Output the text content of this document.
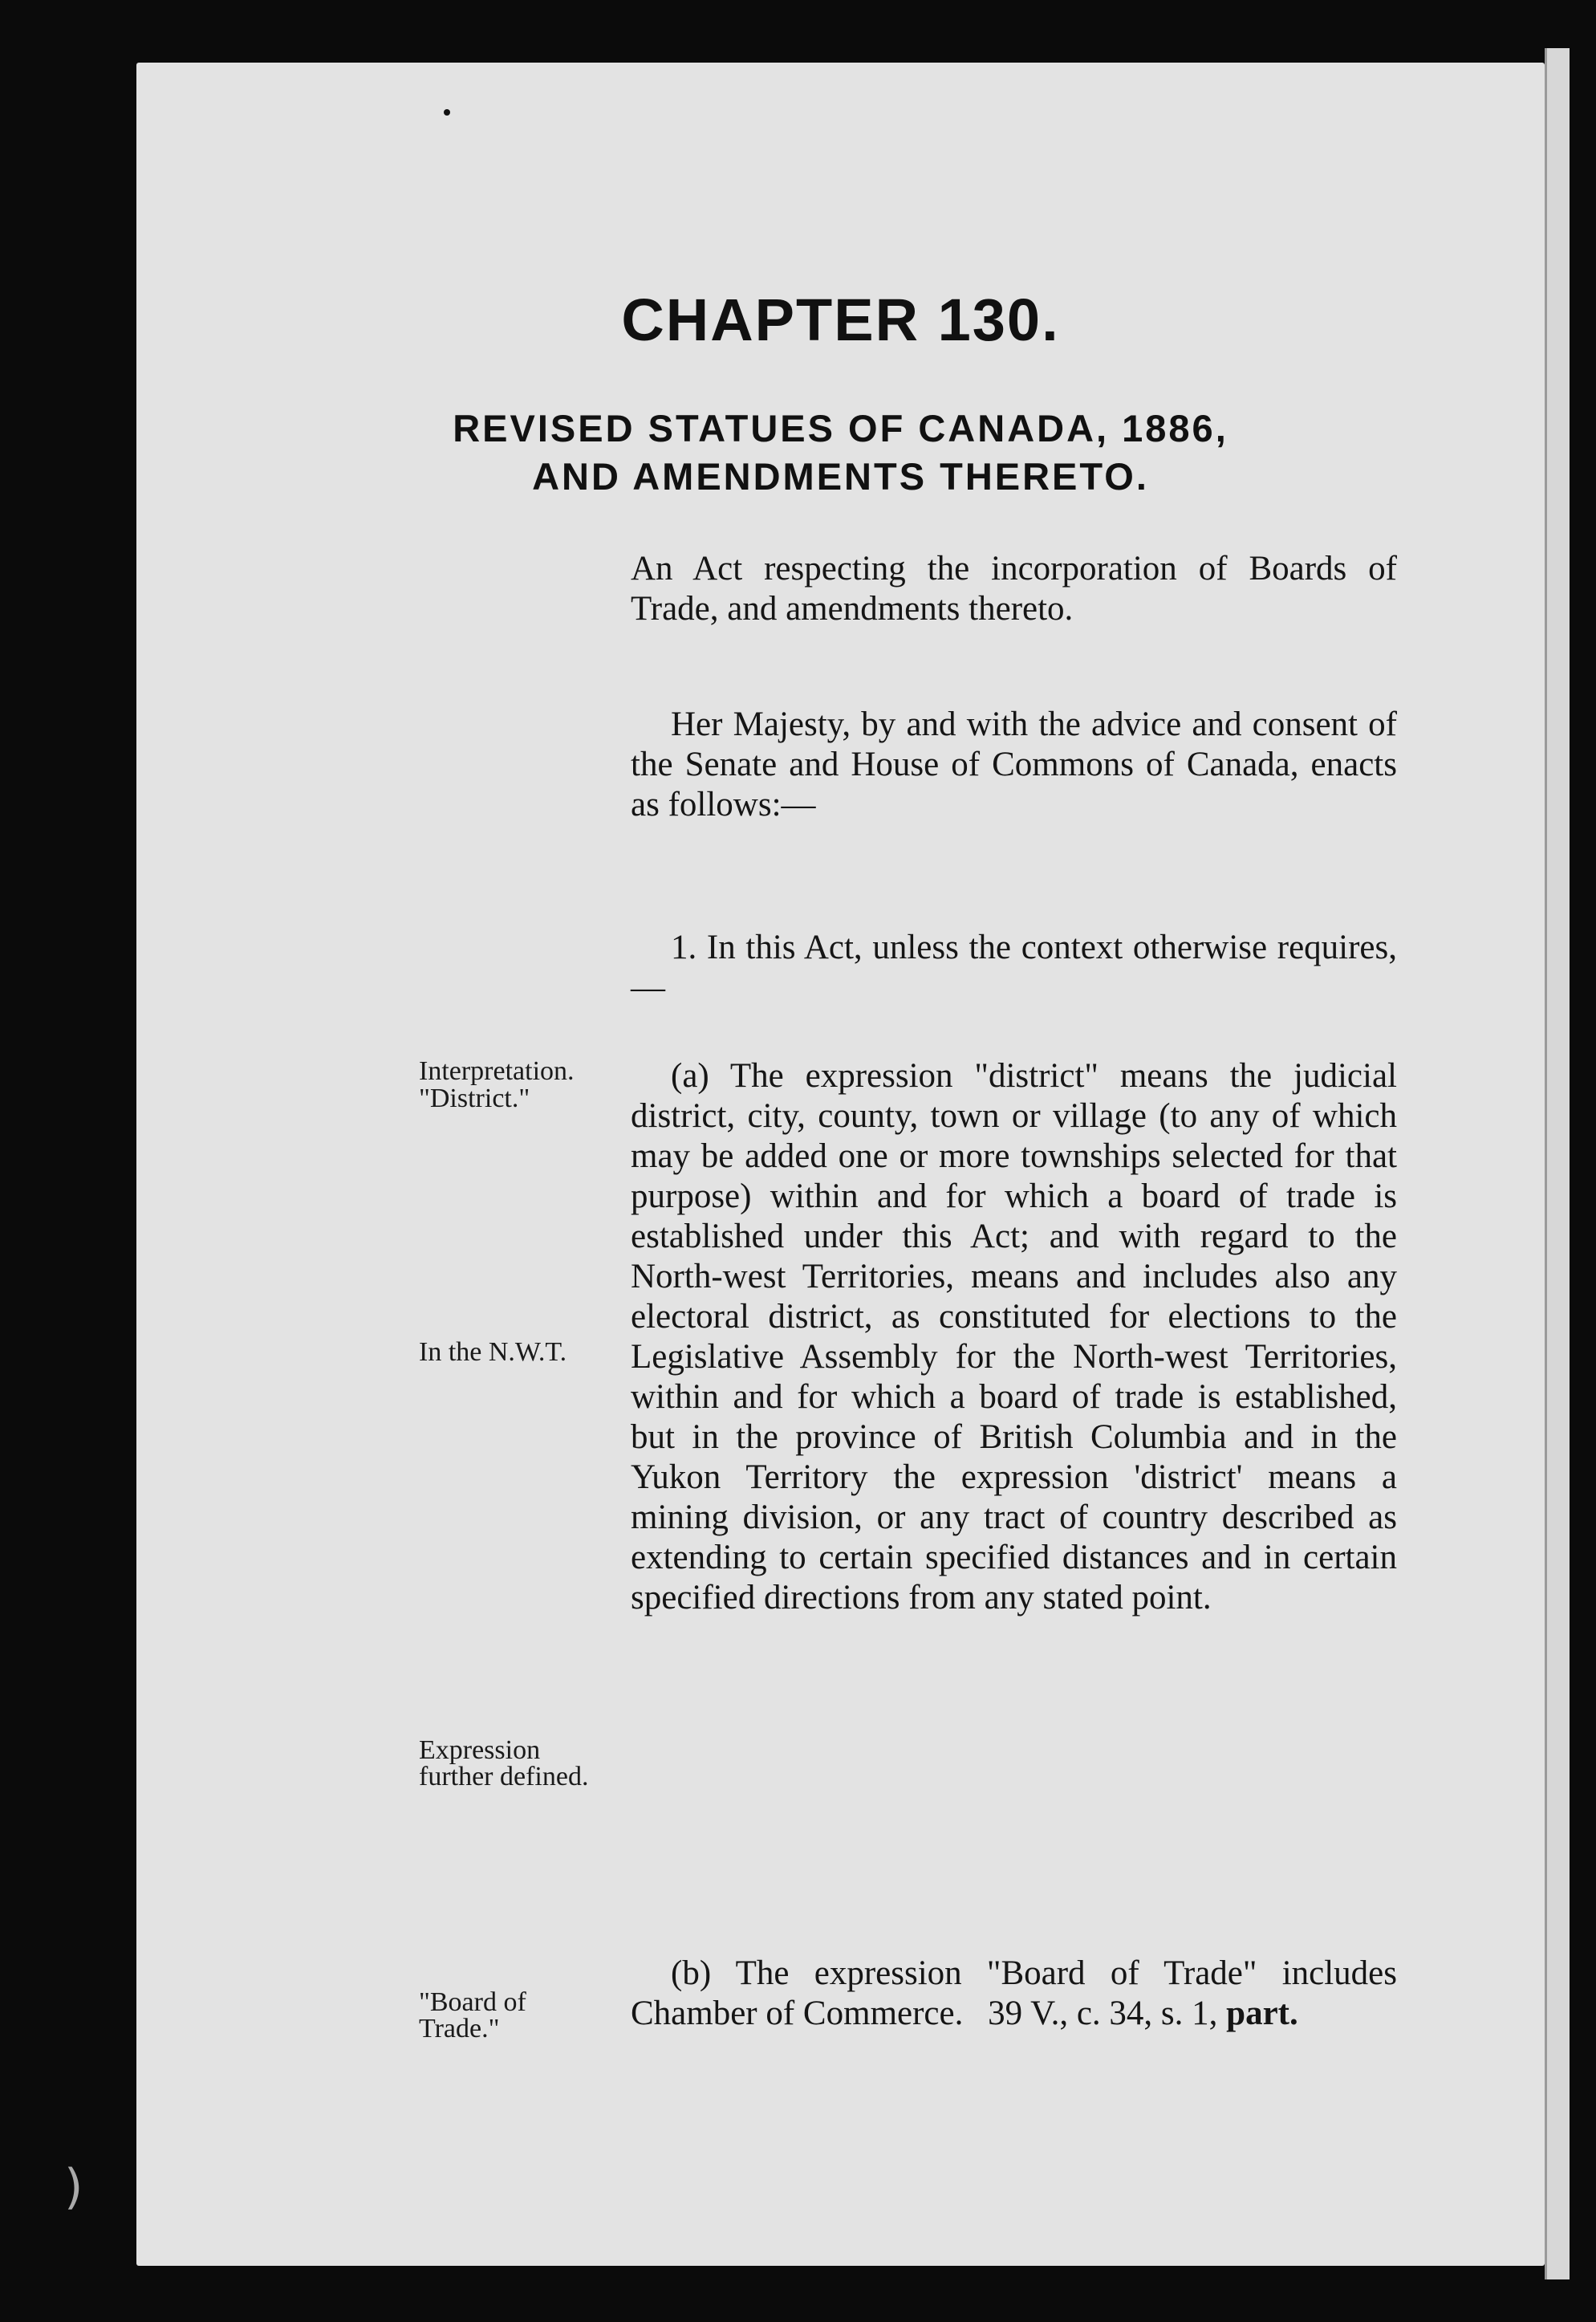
CHAPTER 130.
REVISED STATUES OF CANADA, 1886,
AND AMENDMENTS THERETO.
An Act respecting the incorporation of Boards of Trade, and amendments thereto.
Her Majesty, by and with the advice and consent of the Senate and House of Commons of Canada, enacts as follows:—
1. In this Act, unless the context otherwise requires,—
(a) The expression "district" means the judicial district, city, county, town or village (to any of which may be added one or more townships selected for that purpose) within and for which a board of trade is established under this Act; and with regard to the North-west Territories, means and includes also any electoral district, as constituted for elections to the Legislative Assembly for the North-west Territories, within and for which a board of trade is established, but in the province of British Columbia and in the Yukon Territory the expression 'district' means a mining division, or any tract of country described as extending to certain specified distances and in certain specified directions from any stated point.
(b) The expression "Board of Trade" includes Chamber of Commerce. 39 V., c. 34, s. 1, part.
Interpretation.
"District."
In the N.W.T.
Expression further defined.
"Board of Trade."
)
